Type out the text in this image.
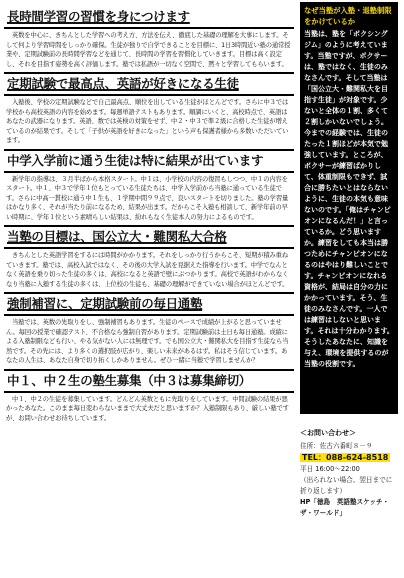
長時間学習の習慣を身につけます
英数を中心に、きちんとした学習への考え方、方法を伝え、徹底した基礎の理解を大事にします。そして何より学習時間をしっかり確保。生徒が独りで自学できることを目標に、1日3時間近い塾の通常授業や、定期試験前の長時間学習などを通じて、長時間の学習を習慣化していきます。目標は高く設定し、それを目指す姿勢を高く評価します。塾では私語が一切なく空間で、黙々と学習してもらいます。
定期試験で最高点、英語が好きになる生徒
入塾後、学校の定期試験などで自己最高点、順位を出している生徒がほとんどです。さらに中３では学校から高校英語の内容を始めます。毎週単語テストもあります。順調にいくと、高校時点で、英語はあなたの武器になります。英語、数では英検の対策をせず、中２・中３で準２級に合格した生徒が増えているのが結果です。そして「子供が英語を好きになった」という声も保護者様から多数いただいています。
中学入学前に通う生徒は特に結果が出ています
新学年の指導は、３月半ばから本格スタート。中１は、小学校の内容の復習もしつつ、中１の内容をスタート。中１、中３で学年１位もとっている生徒たちは、中学入学前から当塾に通っている生徒です。さらに中高一貫校に通う中１生も、１学期中間９９点で、良いスタートを切りました。塾の学習量はかなり多く、それが当たり前になるため、結果が出ます。だからこそ入塾も相談して、新学年前の早い時期に、学年１位という素晴らしい結果は、紛れもなく生徒本人の努力によるものです。
当塾の目標は、国公立大・難関私大合格
きちんとした英語学習をするには時間がかかります。それをしっかり行うからこそ、短期が積み重ねていきます。塾では、高校入試ではなく、その後の大学入試を見据えた指導を行います。中学でなんとなく英語を乗り切った生徒の多くは、高校になると英語で壁にぶつかります。高校で英語がわからなくなり当塾に入塾する生徒の多くは、上位校の生徒も、基礎の理解ができていない場合がほとんどです。
強制補習に、定期試験前の毎日通塾
当塾では、英数の先取りをし、強制補習もあります。生徒のペースで成績が上がると思っていません。毎回の授業で確認テスト、不合格なら強制自習があります。定期試験前は土日も毎日通塾。成績による入塾制限なども行い、やる気がない人には無理です。でも国公立大・難関私大を目指す生徒なら当然です。その先には、より多くの選択肢が広がり、楽しい未来があるはず。私はそう信じています。あなたの人生は、あなた自身で切り拓くしかありません。ぜひ一緒に当塾で学習しませんか？
中１、中２生の塾生募集（中３は募集締切）
中１、中２の生徒を募集しています。どんどん英数ともに先取りをしています。中間試験の結果が悪かったあなた。このまま毎日変わらないままで大丈夫だと思いますか？入塾制限もあり、厳しい塾ですが、お問い合わせお待ちしています。
なぜ当塾が入塾・退塾制限をかけているか
当塾は、塾を「ボクシングジム」のように考えています。当塾ですが、ボクサーは、塾ではなく、生徒のみなさんです。そして当塾は「国公立大・難関私大を目指す生徒」が対象です。少ないと全体の１割、多くて２割しかいないでしょう。今までの経験では、生徒のたった１割ほどが本気で勉強しています。ところが、ボクサーが練習ばかりして、体重制限もできず、試合に勝ちたいとはならないように、生徒の本気も意味ないのです。「俺はチャンピオンになるんだ！」と言っているか。どう思いますか。練習をしても本当は勝つためにチャンピオンになるのはやはり難しいことです。チャンピオンになれる資格が、結局は自分の力にかかっています。そう、生徒のみなさんです。一人では練習はしないと思います。それは十分わかります。そうしたあなたに、知識を与え、環境を提供するのが当塾の役割です。
＜お問い合わせ＞
住所：佐古六番町８－９
TEL：088-624-8518
平日 16:00～22:00
（出られない場合、翌日までに折り返します）
HP「徳島　英語塾スケッチ・ザ・ワールド」
